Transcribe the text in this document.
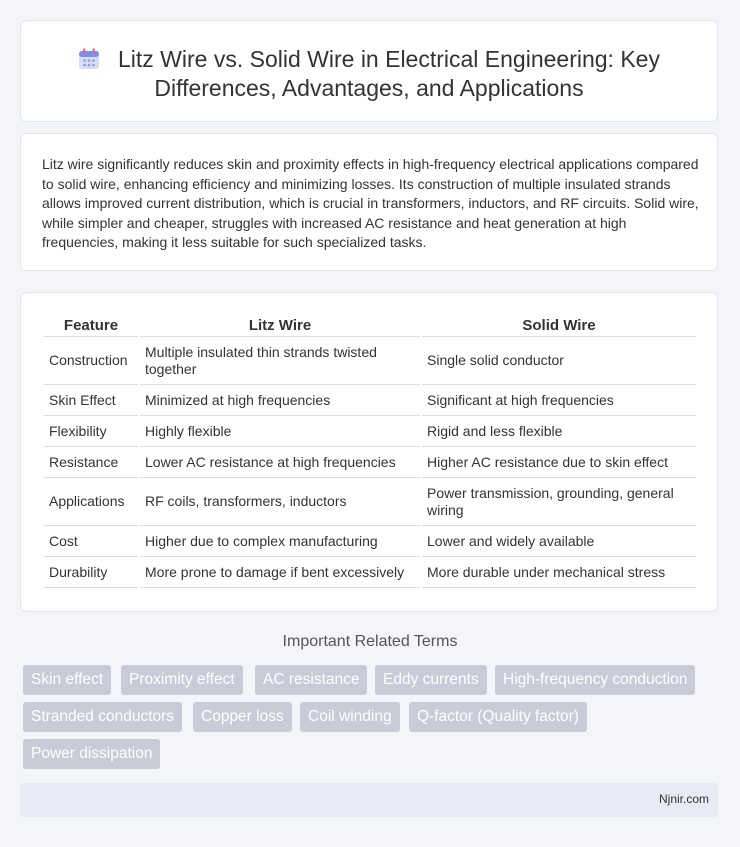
Litz Wire vs. Solid Wire in Electrical Engineering: Key Differences, Advantages, and Applications

Litz wire significantly reduces skin and proximity effects in high-frequency electrical applications compared to solid wire, enhancing efficiency and minimizing losses. Its construction of multiple insulated strands allows improved current distribution, which is crucial in transformers, inductors, and RF circuits. Solid wire, while simpler and cheaper, struggles with increased AC resistance and heat generation at high frequencies, making it less suitable for such specialized tasks.

Feature	Litz Wire	Solid Wire
Construction	Multiple insulated thin strands twisted together	Single solid conductor
Skin Effect	Minimized at high frequencies	Significant at high frequencies
Flexibility	Highly flexible	Rigid and less flexible
Resistance	Lower AC resistance at high frequencies	Higher AC resistance due to skin effect
Applications	RF coils, transformers, inductors	Power transmission, grounding, general wiring
Cost	Higher due to complex manufacturing	Lower and widely available
Durability	More prone to damage if bent excessively	More durable under mechanical stress
Important Related Terms
Skin effect	Proximity effect	AC resistance	Eddy currents	High-frequency conduction
Stranded conductors	Copper loss	Coil winding	Q-factor (Quality factor)
Power dissipation
Njnir.com
